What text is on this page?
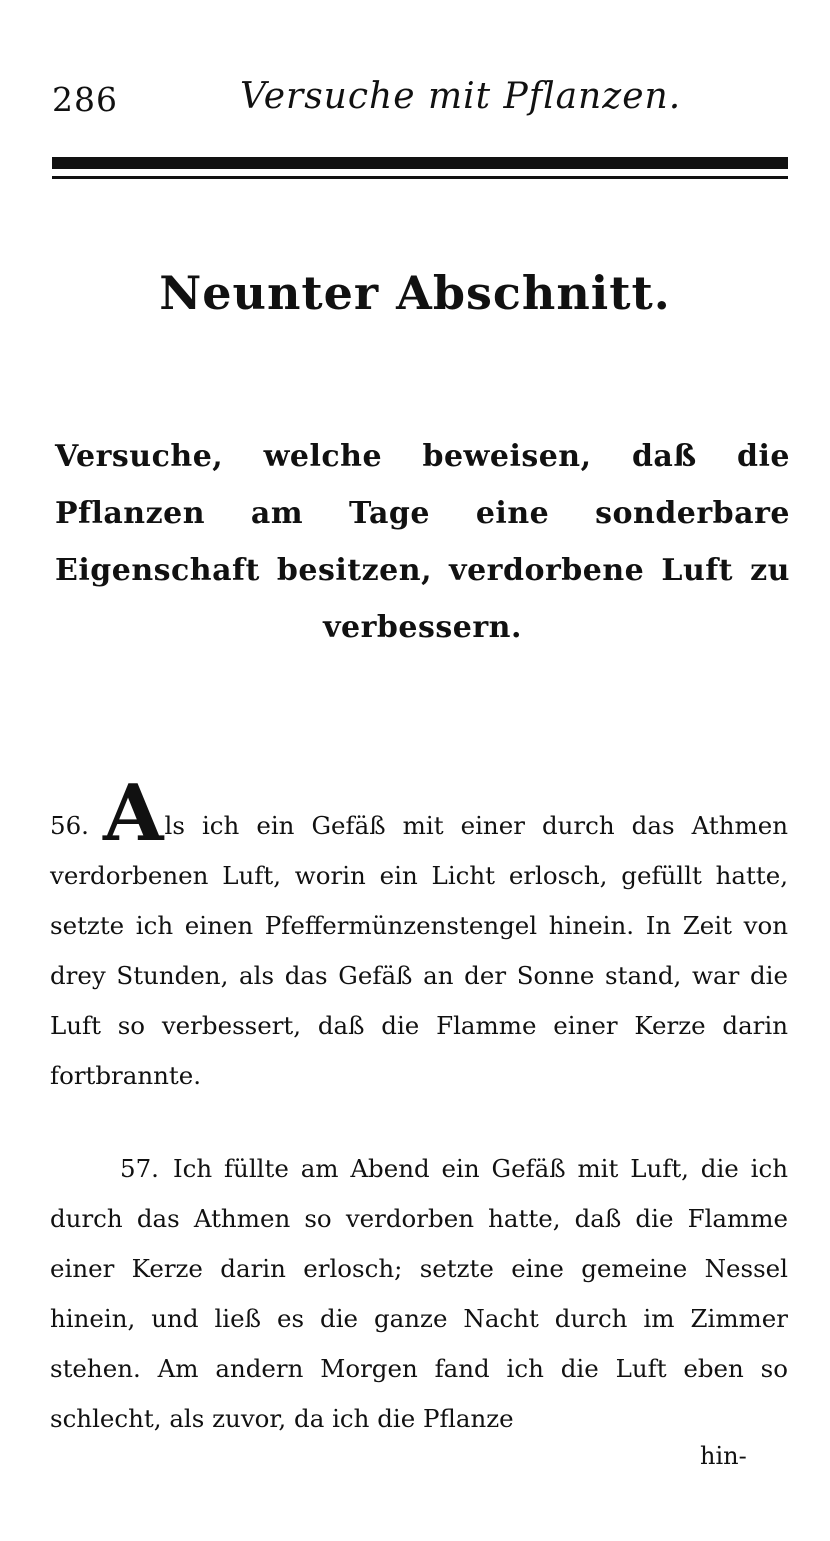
286	Versuche mit Pflanzen.
Neunter Abschnitt.
Versuche, welche beweisen, daß die Pflanzen am Tage eine sonderbare Eigenschaft besitzen, verdorbene Luft zu verbessern.
56. Als ich ein Gefäß mit einer durch das Athmen verdorbenen Luft, worin ein Licht erlosch, gefüllt hatte, setzte ich einen Pfeffermünzenstengel hinein. In Zeit von drey Stunden, als das Gefäß an der Sonne stand, war die Luft so verbessert, daß die Flamme einer Kerze darin fortbrannte.
57. Ich füllte am Abend ein Gefäß mit Luft, die ich durch das Athmen so verdorben hatte, daß die Flamme einer Kerze darin erlosch; setzte eine gemeine Nessel hinein, und ließ es die ganze Nacht durch im Zimmer stehen. Am andern Morgen fand ich die Luft eben so schlecht, als zuvor, da ich die Pflanze
hin-
